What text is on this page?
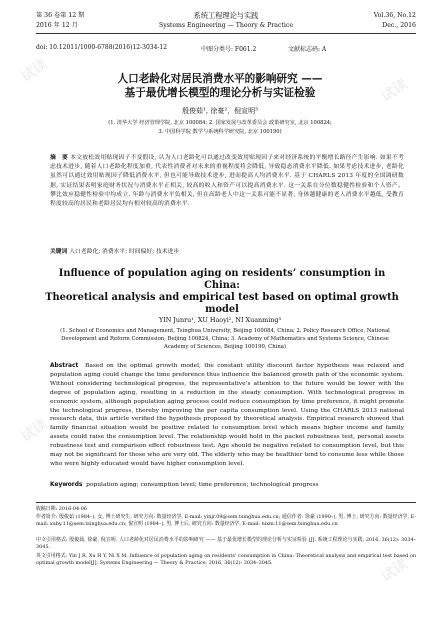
试读
试读
试读
试读
第 36 卷第 12 期	系统工程理论与实践	Vol.36, No.12
2016 年 12 月	Systems Engineering — Theory & Practice	Dec., 2016
doi: 10.12011/1000-6788(2016)12-3034-12	中图分类号: F061.2	文献标志码: A
人口老龄化对居民消费水平的影响研究 ——
基于最优增长模型的理论分析与实证检验
殷俊茹¹, 徐豪²，倪宣明³
(1. 清华大学 经济管理学院, 北京 100084; 2. 国家发展与改革委员会 政策研究室, 北京 100824;
3. 中国科学院 数学与系统科学研究院, 北京 100190)
摘　要 本文放松效用贴现因子不变假设, 认为人口老龄化可以通过改变效用贴现因子来对经济系统的平衡增长路径产生影响. 如果不考虑技术进步, 随着人口老龄化程度加重, 代表性消费者对未来的重视程度将会降低, 导致稳态消费水平降低. 如果考虑技术进步, 老龄化虽然可以通过效用贴现因子降低消费水平, 但也可能导致技术进步, 进而提高人均消费水平. 基于 CHARLS 2013 年度的全国调研数据, 实证结果表明家庭财务状况与消费水平正相关, 较高的收入和资产可以提高消费水平. 这一关系在分位数稳健性检验和个人资产、攀比效应稳健性检验中均成立. 年龄与消费水平负相关, 但在高龄老人中这一关系可能不显著, 身体越健康的老人消费水平越低, 受教育程度较高的居民和老龄居民均有相对较高的消费水平.
关键词 人口老龄化; 消费水平; 时间偏好; 技术进步
Influence of population aging on residents’ consumption in China:
Theoretical analysis and empirical test based on optimal growth
model
YIN Junru¹, XU Haoyi², NI Xuanming³
(1. School of Economics and Management, Tsinghua University, Beijing 100084, China; 2. Policy Research Office, National
Development and Reform Commission, Beijing 100824, China; 3. Academy of Mathematics and Systems Science, Chinese
Academy of Sciences, Beijing 100190, China)
Abstract Based on the optimal growth model, the constant utility discount factor hypothesis was relaxed and population aging could change the time preference thus influence the balanced growth path of the economic system. Without considering technological progress, the representative’s attention to the future would be lower with the degree of population aging, resulting in a reduction in the steady consumption. With technological progress in economic system, although population aging process could reduce consumption by time preference, it might promote the technological progress, thereby improving the per capita consumption level. Using the CHARLS 2013 national research data, this article verified the hypothesis proposed by theoretical analysis. Empirical research showed that family financial situation would be positive related to consumption level which means higher income and family assets could raise the consumption level. The relationship would hold in the packet robustness test, personal assets robustness test and comparison effect robustness test. Age should be negative related to consumption level, but this may not be significant for those who are very old. The elderly who may be healthier tend to consume less while those who were highly educated would have higher consumption level.
Keywords population aging; consumption level; time preference; technological progress
收稿日期: 2016-04-06
作者简介: 殷俊茹 (1984–), 女, 博士研究生, 研究方向: 数量经济学, E-mail: yinjr.09@sem.tsinghua.edu.cn; 通信作者: 徐豪 (1990–), 男, 博士, 研究方向: 数量经济学, E-mail: xuhy.11@sem.tsinghua.edu.cn; 倪宣明 (1984–), 男, 博士后, 研究方向: 数量经济学, E-mail: nixm.11@sem.tsinghua.edu.cn
中文引用格式: 殷俊茹, 徐豪, 倪宣明. 人口老龄化对居民消费水平的影响研究 —— 基于最优增长模型的理论分析与实证检验 [J]. 系统工程理论与实践, 2016, 36(12): 3034–3045.
英文引用格式: Yin J R, Xu H Y, Ni X M. Influence of population aging on residents’ consumption in China: Theoretical analysis and empirical test based on optimal growth model[J]. Systems Engineering — Theory & Practice, 2016, 36(12): 3034–3045.
